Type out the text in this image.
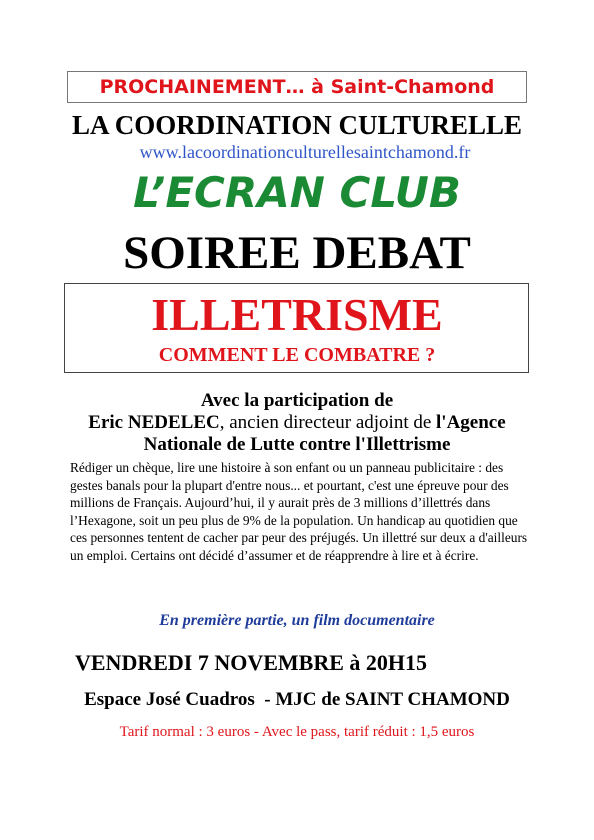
PROCHAINEMENT… à Saint-Chamond
LA COORDINATION CULTURELLE
www.lacoordinationculturellesaintchamond.fr
L’ECRAN CLUB
SOIREE DEBAT
ILLETRISME
COMMENT LE COMBATRE ?
Avec la participation de
Eric NEDELEC, ancien directeur adjoint de l'Agence
Nationale de Lutte contre l'Illettrisme
Rédiger un chèque, lire une histoire à son enfant ou un panneau publicitaire : des gestes banals pour la plupart d'entre nous... et pourtant, c'est une épreuve pour des millions de Français. Aujourd’hui, il y aurait près de 3 millions d’illettrés dans l’Hexagone, soit un peu plus de 9% de la population. Un handicap au quotidien que ces personnes tentent de cacher par peur des préjugés. Un illettré sur deux a d'ailleurs un emploi. Certains ont décidé d’assumer et de réapprendre à lire et à écrire.
En première partie, un film documentaire
VENDREDI 7 NOVEMBRE à 20H15
Espace José Cuadros  - MJC de SAINT CHAMOND
Tarif normal : 3 euros - Avec le pass, tarif réduit : 1,5 euros
